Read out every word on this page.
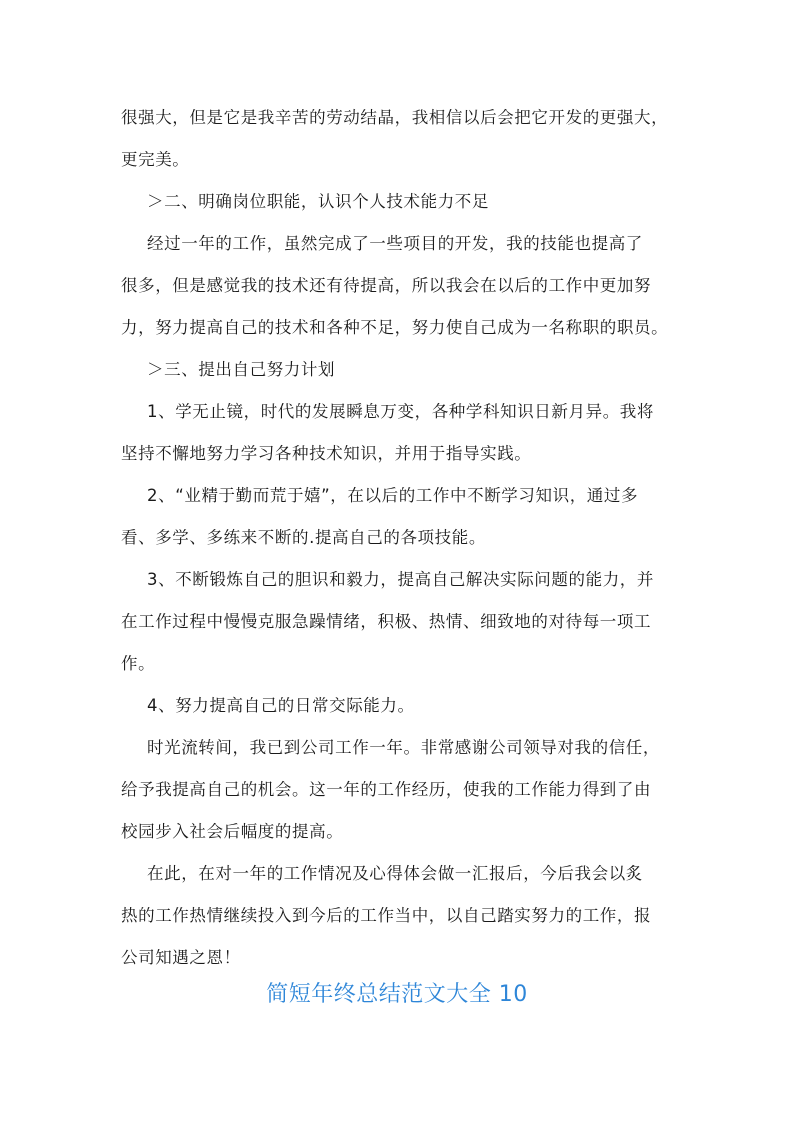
很强大，但是它是我辛苦的劳动结晶，我相信以后会把它开发的更强大，
更完美。
＞二、明确岗位职能，认识个人技术能力不足
经过一年的工作，虽然完成了一些项目的开发，我的技能也提高了
很多，但是感觉我的技术还有待提高，所以我会在以后的工作中更加努
力，努力提高自己的技术和各种不足，努力使自己成为一名称职的职员。
＞三、提出自己努力计划
1、学无止镜，时代的发展瞬息万变，各种学科知识日新月异。我将
坚持不懈地努力学习各种技术知识，并用于指导实践。
2、“业精于勤而荒于嬉”，在以后的工作中不断学习知识，通过多
看、多学、多练来不断的.提高自己的各项技能。
3、不断锻炼自己的胆识和毅力，提高自己解决实际问题的能力，并
在工作过程中慢慢克服急躁情绪，积极、热情、细致地的对待每一项工
作。
4、努力提高自己的日常交际能力。
时光流转间，我已到公司工作一年。非常感谢公司领导对我的信任，
给予我提高自己的机会。这一年的工作经历，使我的工作能力得到了由
校园步入社会后幅度的提高。
在此，在对一年的工作情况及心得体会做一汇报后，今后我会以炙
热的工作热情继续投入到今后的工作当中，以自己踏实努力的工作，报
公司知遇之恩！
简短年终总结范文大全 10
